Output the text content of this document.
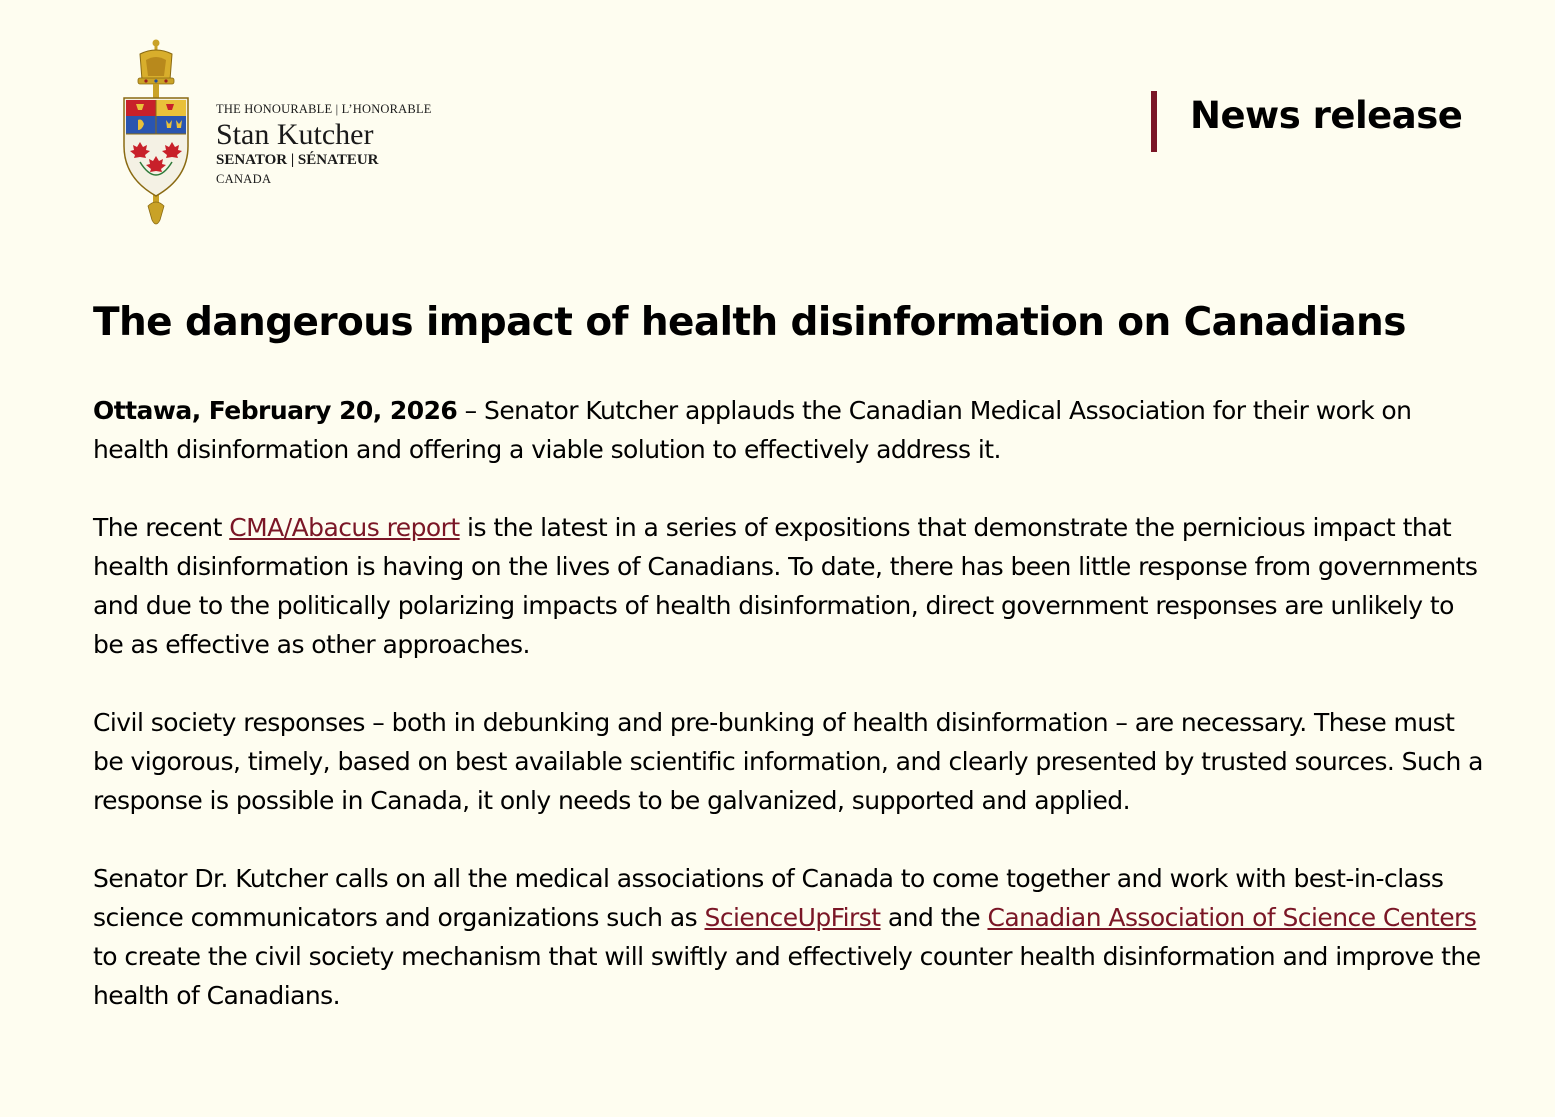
THE HONOURABLE | L’HONORABLE
Stan Kutcher
SENATOR | SÉNATEUR
CANADA
News release
The dangerous impact of health disinformation on Canadians

Ottawa, February 20, 2026 – Senator Kutcher applauds the Canadian Medical Association for their work on health disinformation and offering a viable solution to effectively address it.

The recent CMA/Abacus report is the latest in a series of expositions that demonstrate the pernicious impact that health disinformation is having on the lives of Canadians. To date, there has been little response from governments and due to the politically polarizing impacts of health disinformation, direct government responses are unlikely to be as effective as other approaches.

Civil society responses – both in debunking and pre-bunking of health disinformation – are necessary. These must be vigorous, timely, based on best available scientific information, and clearly presented by trusted sources. Such a response is possible in Canada, it only needs to be galvanized, supported and applied.

Senator Dr. Kutcher calls on all the medical associations of Canada to come together and work with best-in-class science communicators and organizations such as ScienceUpFirst and the Canadian Association of Science Centers to create the civil society mechanism that will swiftly and effectively counter health disinformation and improve the health of Canadians.
